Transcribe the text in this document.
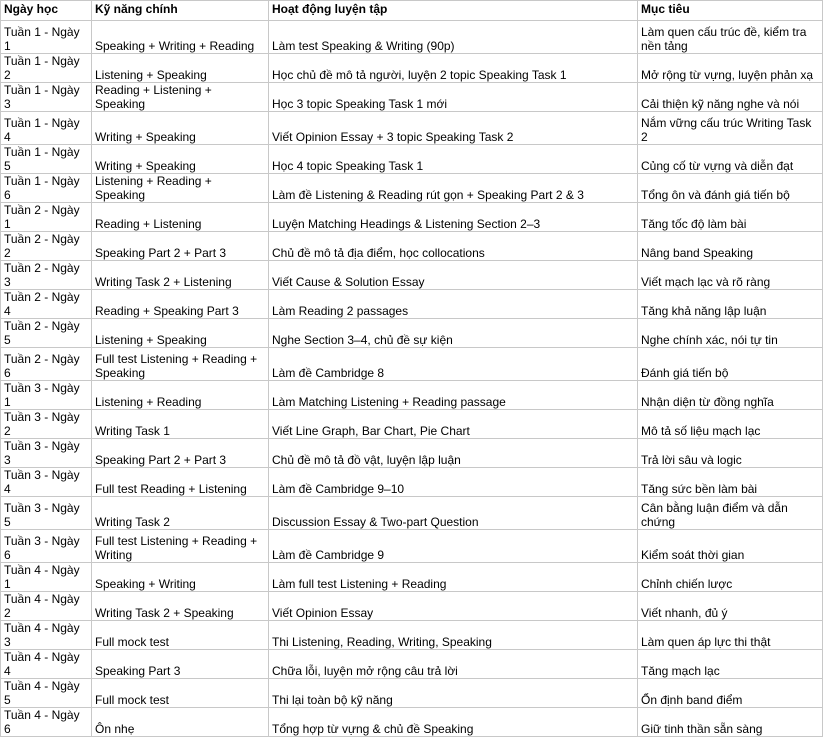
Ngày học	Kỹ năng chính	Hoạt động luyện tập	Mục tiêu
Tuần 1 - Ngày 1	Speaking + Writing + Reading	Làm test Speaking & Writing (90p)	Làm quen cấu trúc đề, kiểm tra nền tảng
Tuần 1 - Ngày 2	Listening + Speaking	Học chủ đề mô tả người, luyện 2 topic Speaking Task 1	Mở rộng từ vựng, luyện phản xạ
Tuần 1 - Ngày 3	Reading + Listening + Speaking	Học 3 topic Speaking Task 1 mới	Cải thiện kỹ năng nghe và nói
Tuần 1 - Ngày 4	Writing + Speaking	Viết Opinion Essay + 3 topic Speaking Task 2	Nắm vững cấu trúc Writing Task 2
Tuần 1 - Ngày 5	Writing + Speaking	Học 4 topic Speaking Task 1	Củng cố từ vựng và diễn đạt
Tuần 1 - Ngày 6	Listening + Reading + Speaking	Làm đề Listening & Reading rút gọn + Speaking Part 2 & 3	Tổng ôn và đánh giá tiến bộ
Tuần 2 - Ngày 1	Reading + Listening	Luyện Matching Headings & Listening Section 2–3	Tăng tốc độ làm bài
Tuần 2 - Ngày 2	Speaking Part 2 + Part 3	Chủ đề mô tả địa điểm, học collocations	Nâng band Speaking
Tuần 2 - Ngày 3	Writing Task 2 + Listening	Viết Cause & Solution Essay	Viết mạch lạc và rõ ràng
Tuần 2 - Ngày 4	Reading + Speaking Part 3	Làm Reading 2 passages	Tăng khả năng lập luận
Tuần 2 - Ngày 5	Listening + Speaking	Nghe Section 3–4, chủ đề sự kiện	Nghe chính xác, nói tự tin
Tuần 2 - Ngày 6	Full test Listening + Reading + Speaking	Làm đề Cambridge 8	Đánh giá tiến bộ
Tuần 3 - Ngày 1	Listening + Reading	Làm Matching Listening + Reading passage	Nhận diện từ đồng nghĩa
Tuần 3 - Ngày 2	Writing Task 1	Viết Line Graph, Bar Chart, Pie Chart	Mô tả số liệu mạch lạc
Tuần 3 - Ngày 3	Speaking Part 2 + Part 3	Chủ đề mô tả đồ vật, luyện lập luận	Trả lời sâu và logic
Tuần 3 - Ngày 4	Full test Reading + Listening	Làm đề Cambridge 9–10	Tăng sức bền làm bài
Tuần 3 - Ngày 5	Writing Task 2	Discussion Essay & Two-part Question	Cân bằng luận điểm và dẫn chứng
Tuần 3 - Ngày 6	Full test Listening + Reading + Writing	Làm đề Cambridge 9	Kiểm soát thời gian
Tuần 4 - Ngày 1	Speaking + Writing	Làm full test Listening + Reading	Chỉnh chiến lược
Tuần 4 - Ngày 2	Writing Task 2 + Speaking	Viết Opinion Essay	Viết nhanh, đủ ý
Tuần 4 - Ngày 3	Full mock test	Thi Listening, Reading, Writing, Speaking	Làm quen áp lực thi thật
Tuần 4 - Ngày 4	Speaking Part 3	Chữa lỗi, luyện mở rộng câu trả lời	Tăng mạch lạc
Tuần 4 - Ngày 5	Full mock test	Thi lại toàn bộ kỹ năng	Ổn định band điểm
Tuần 4 - Ngày 6	Ôn nhẹ	Tổng hợp từ vựng & chủ đề Speaking	Giữ tinh thần sẵn sàng
